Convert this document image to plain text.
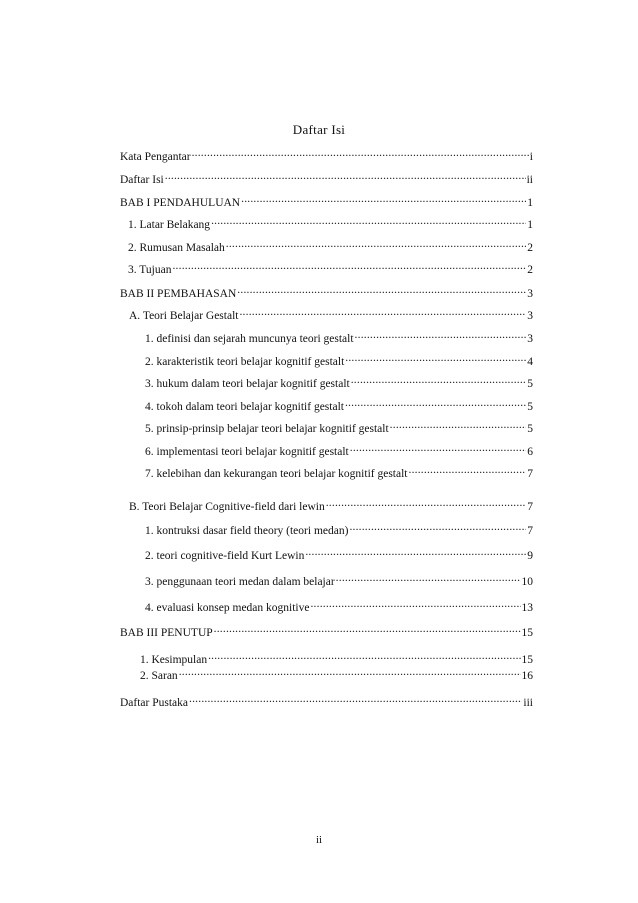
Daftar Isi
Kata Pengantar .....	i
Daftar Isi .....	ii
BAB I PENDAHULUAN .....	1
1. Latar Belakang .....	1
2. Rumusan Masalah .....	2
3. Tujuan .....	2
BAB II PEMBAHASAN .....	3
A. Teori Belajar Gestalt .....	3
1. definisi dan sejarah muncunya teori gestalt .....	3
2. karakteristik teori belajar kognitif gestalt .....	4
3. hukum dalam teori belajar kognitif gestalt .....	5
4. tokoh dalam teori belajar kognitif gestalt .....	5
5. prinsip-prinsip belajar teori belajar kognitif gestalt .....	5
6. implementasi teori belajar kognitif gestalt .....	6
7. kelebihan dan kekurangan teori belajar kognitif gestalt .....	7
B. Teori Belajar Cognitive-field dari lewin .....	7
1. kontruksi dasar field theory (teori medan) .....	7
2. teori cognitive-field Kurt Lewin .....	9
3. penggunaan teori medan dalam belajar .....	10
4. evaluasi konsep medan kognitive .....	13
BAB III PENUTUP .....	15
1. Kesimpulan .....	15
2. Saran .....	16
Daftar Pustaka .....	iii
ii
